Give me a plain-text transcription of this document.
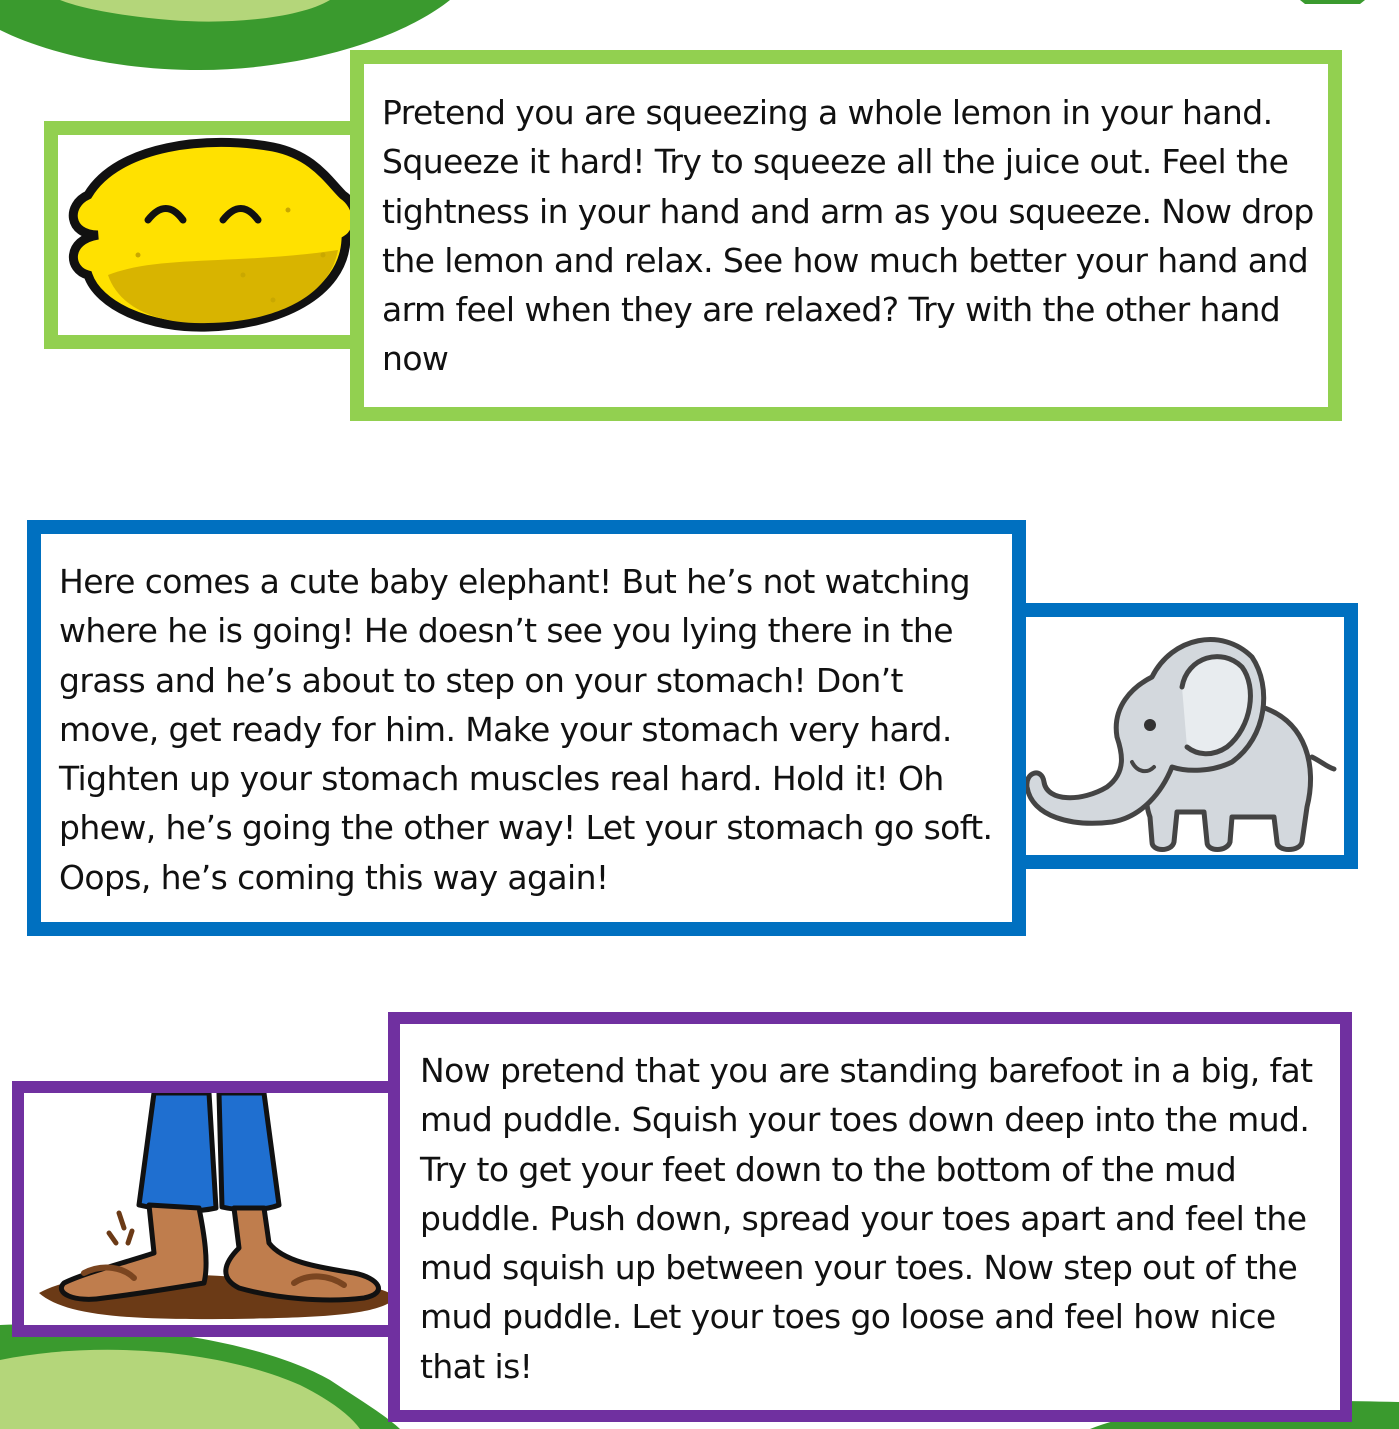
Pretend you are squeezing a whole lemon in your hand. Squeeze it hard! Try to squeeze all the juice out. Feel the tightness in your hand and arm as you squeeze. Now drop the lemon and relax. See how much better your hand and arm feel when they are relaxed? Try with the other hand now

Here comes a cute baby elephant! But he’s not watching where he is going! He doesn’t see you lying there in the grass and he’s about to step on your stomach! Don’t move, get ready for him. Make your stomach very hard. Tighten up your stomach muscles real hard. Hold it! Oh phew, he’s going the other way! Let your stomach go soft. Oops, he’s coming this way again!

Now pretend that you are standing barefoot in a big, fat mud puddle. Squish your toes down deep into the mud. Try to get your feet down to the bottom of the mud puddle. Push down, spread your toes apart and feel the mud squish up between your toes. Now step out of the mud puddle. Let your toes go loose and feel how nice that is!
